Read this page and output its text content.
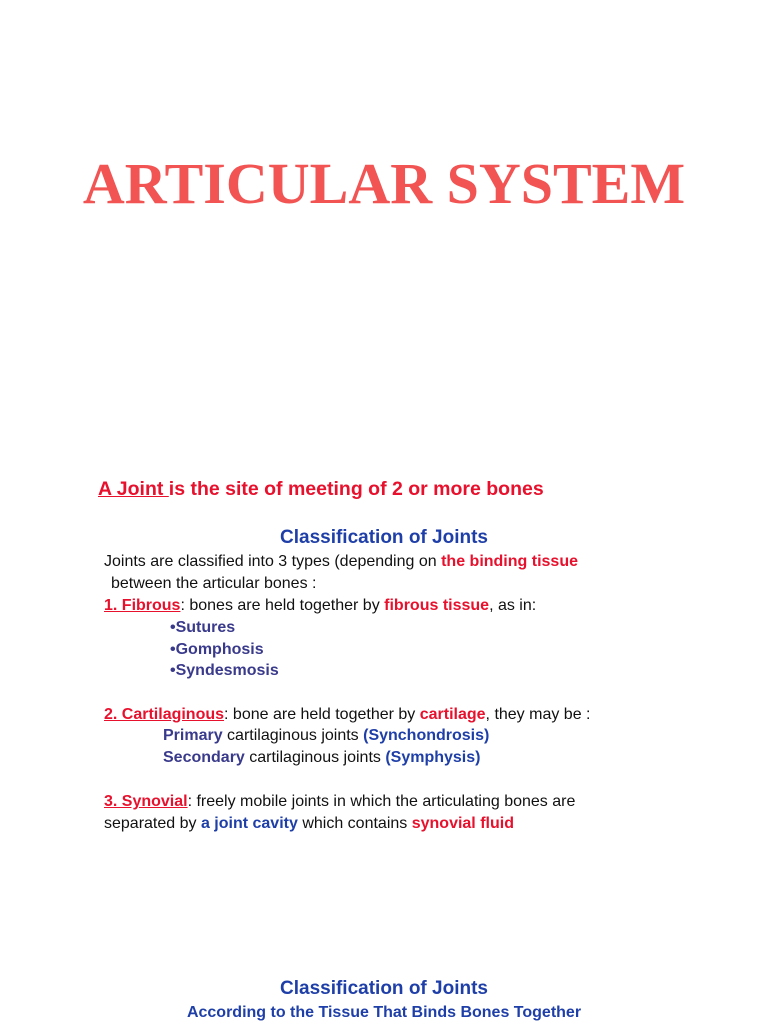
ARTICULAR SYSTEM
A Joint is the site of meeting of 2 or more bones
Classification of Joints
Joints are classified into 3 types (depending on the binding tissue
between the articular bones :
1. Fibrous: bones are held together by fibrous tissue, as in:
•Sutures
•Gomphosis
•Syndesmosis
2. Cartilaginous: bone are held together by cartilage, they may be :
Primary cartilaginous joints (Synchondrosis)
Secondary cartilaginous joints (Symphysis)
3. Synovial: freely mobile joints in which the articulating bones are
separated by a joint cavity which contains synovial fluid
Classification of Joints
According to the Tissue That Binds Bones Together
